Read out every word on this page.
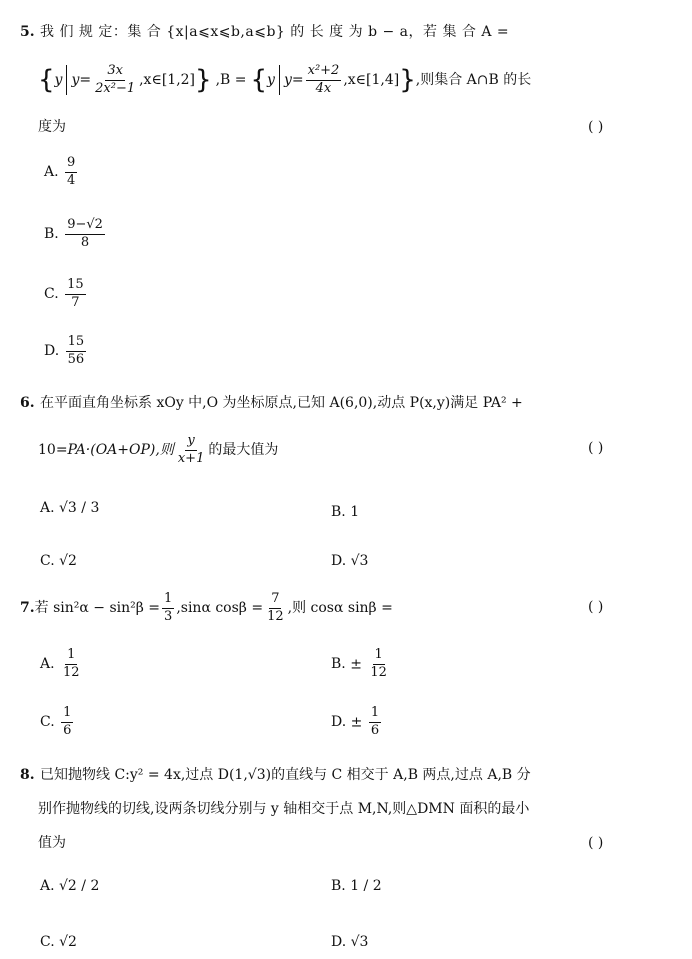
5. 我 们 规 定：集 合 {x|a⩽x⩽b,a⩽b} 的 长 度 为 b − a，若 集 合 A =
{ y $y = \frac{3x}{\text{2x²−1}}$ ,x∈[1,2] } ,B = { y $y = \frac{\text{x²+2}}{4x}$ ,x∈[1,4] } ,则集合 A∩B 的长
度为	( )
A. $\frac{9}{4}$
B. $\frac{9-√2}{8}$
C. $\frac{15}{7}$
D. $\frac{15}{56}$
6. 在平面直角坐标系 xOy 中,O 为坐标原点,已知 A(6,0),动点 P(x,y)满足 PA² +
10= PA·(OA+OP),则 $\frac{y}{x+1}$ 的最大值为	( )
A. √3 / 3	B. 1
C. √2	D. √3
7. 若 $\sin^2\alpha - \sin^2\beta = \frac{1}{3} ,\sin\alpha$ $\cos\beta = \frac{7}{12}$ ,则 cosα sinβ =	( )
A. $\frac{1}{12}$	B. ± $\frac{1}{12}$
C. $\frac{1}{6}$	D. ± $\frac{1}{6}$
8. 已知抛物线 C:y² = 4x,过点 D(1,√3)的直线与 C 相交于 A,B 两点,过点 A,B 分
别作抛物线的切线,设两条切线分别与 y 轴相交于点 M,N,则△DMN 面积的最小
值为	( )
A. √2 / 2	B. 1 / 2
C. √2	D. √3
